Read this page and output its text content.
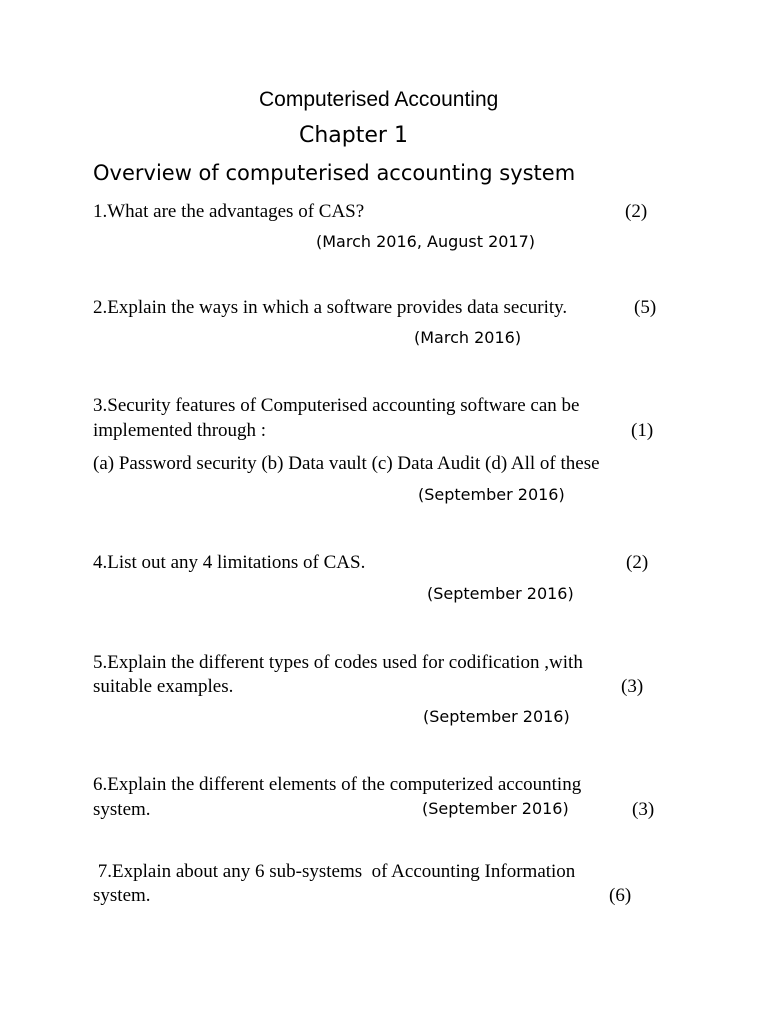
Computerised Accounting
Chapter 1
Overview of computerised accounting system
1.What are the advantages of CAS?	(2)
(March 2016, August 2017)
2.Explain the ways in which a software provides data security.	(5)
(March 2016)
3.Security features of Computerised accounting software can be
implemented through :	(1)
(a) Password security (b) Data vault (c) Data Audit (d) All of these
(September 2016)
4.List out any 4 limitations of CAS.	(2)
(September 2016)
5.Explain the different types of codes used for codification ,with
suitable examples.	(3)
(September 2016)
6.Explain the different elements of the computerized accounting
system.	(September 2016)	(3)
7.Explain about any 6 sub-systems  of Accounting Information
system.	(6)
